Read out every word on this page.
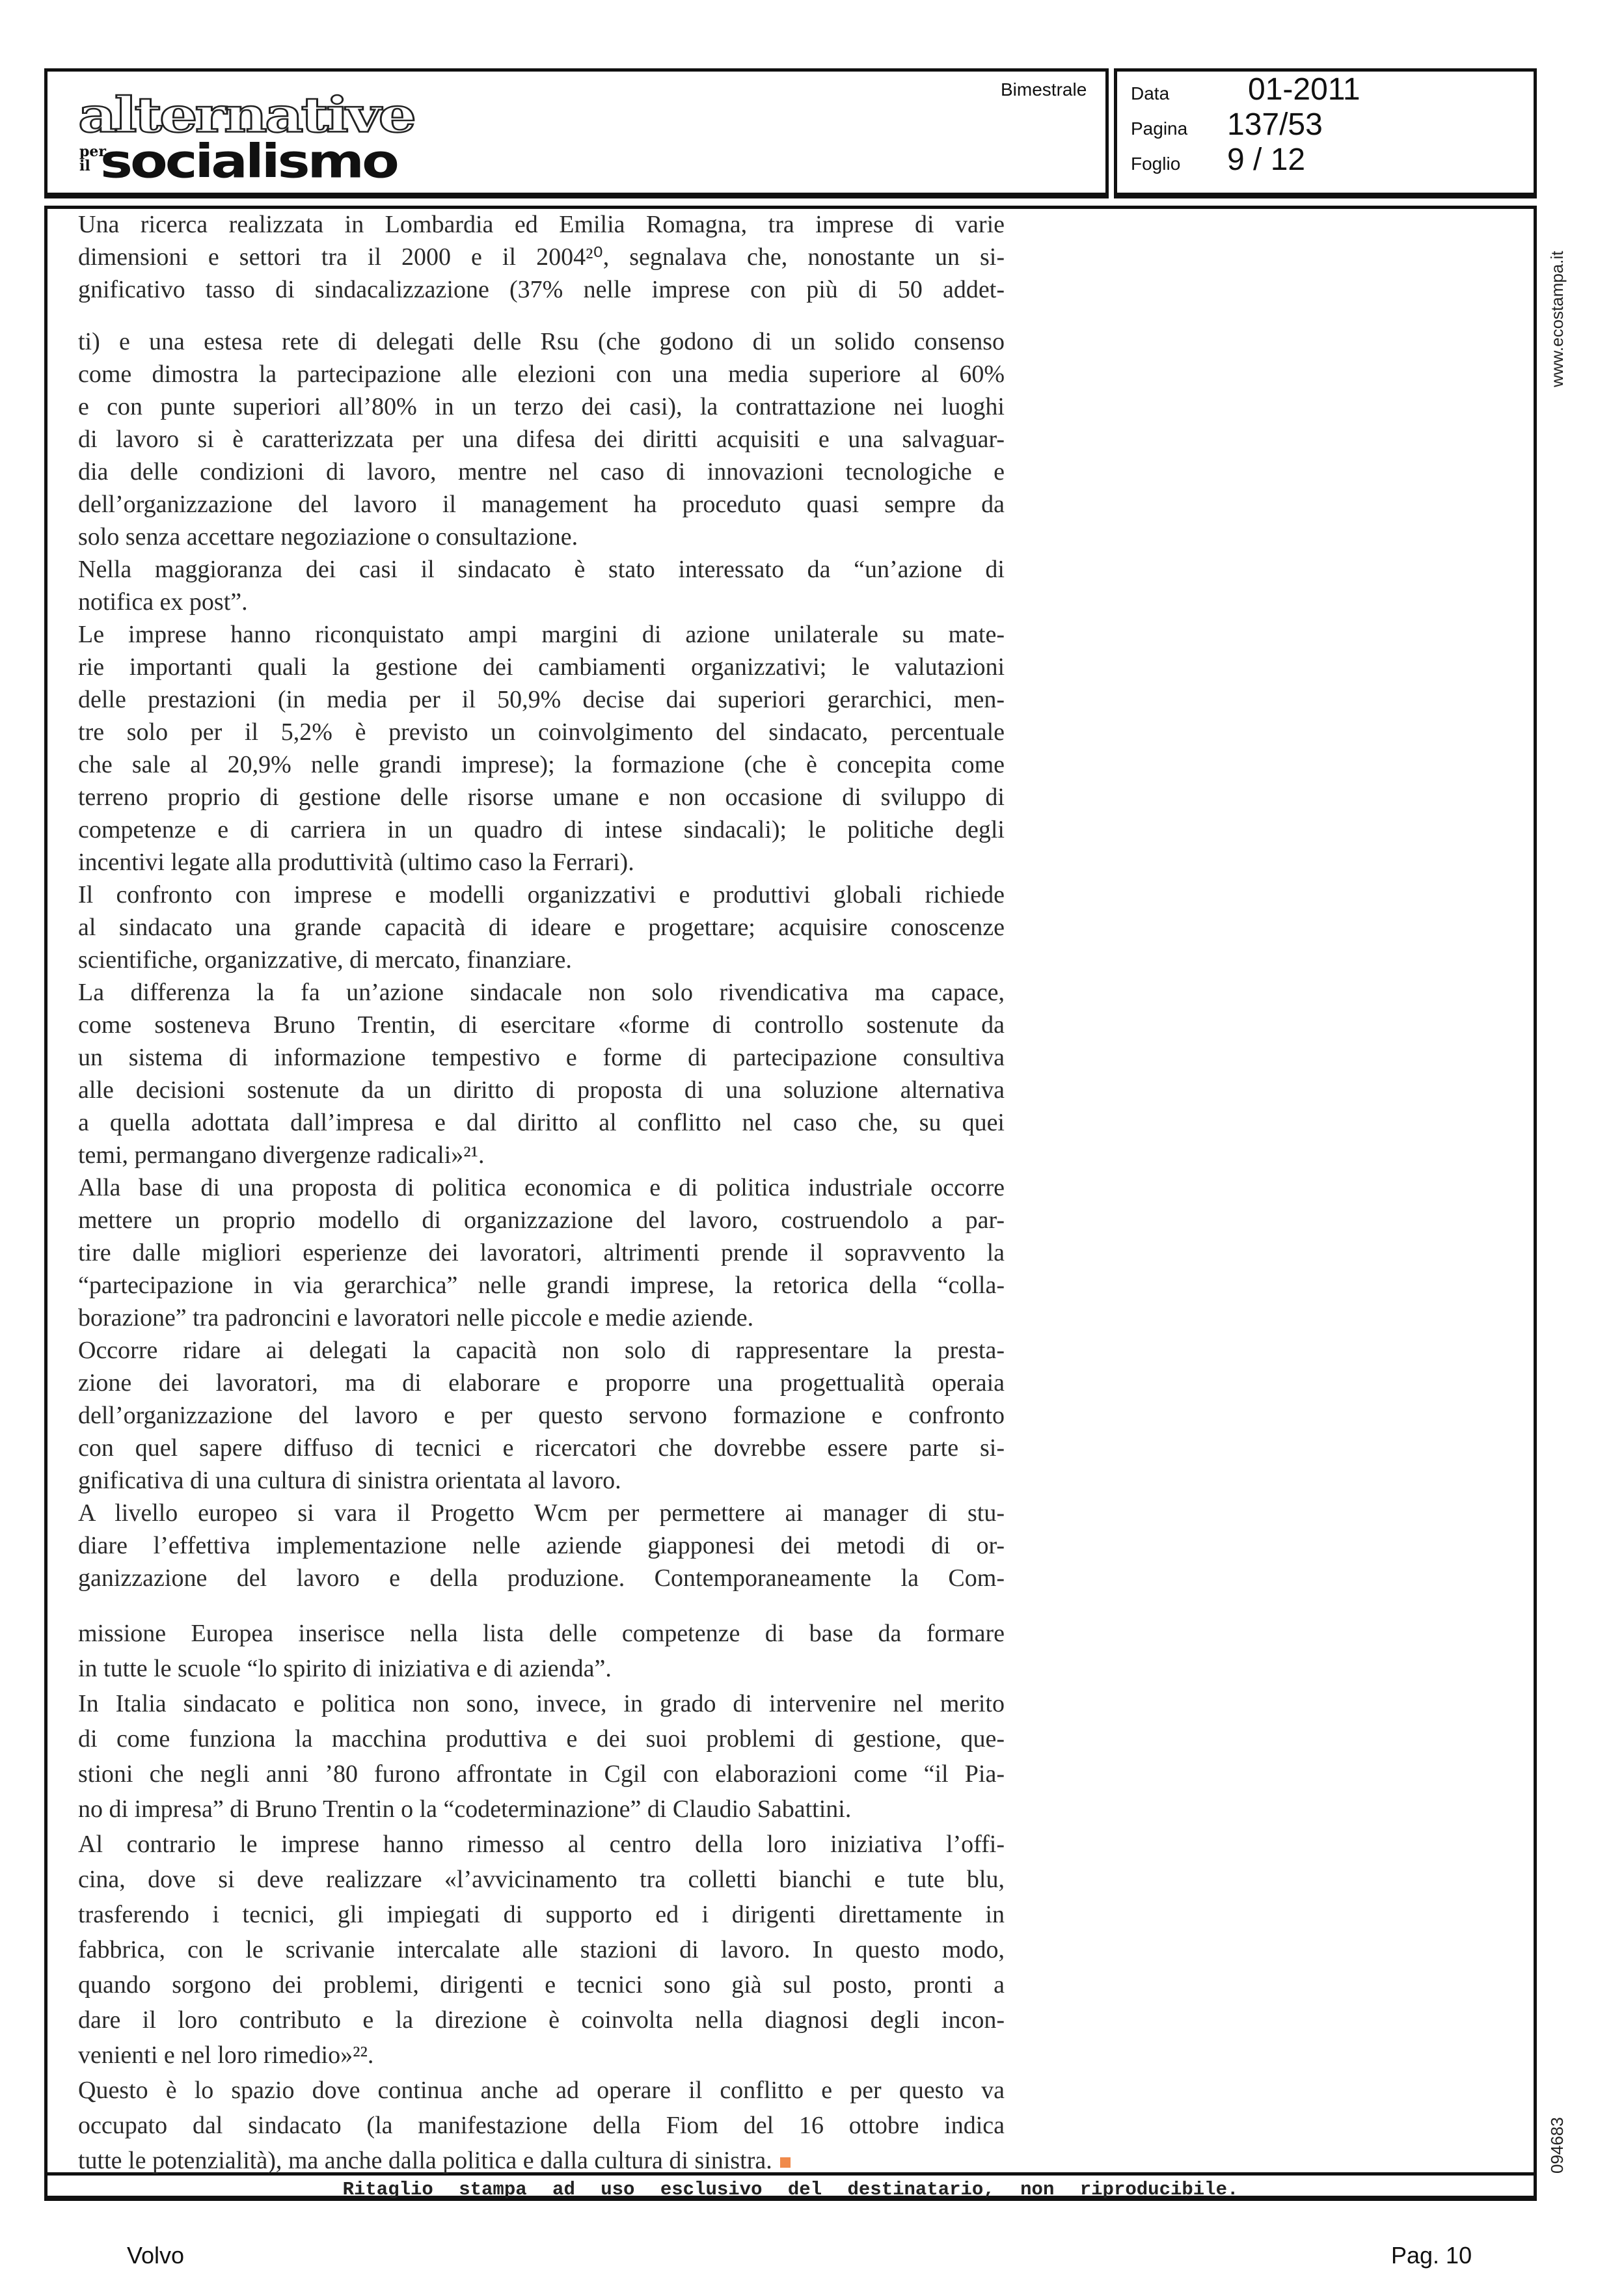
alternative
per
il socialismo
Bimestrale Data	01-2011
Pagina 137/53
Foglio 9 / 12
Una ricerca realizzata in Lombardia ed Emilia Romagna, tra imprese di varie
dimensioni e settori tra il 2000 e il 2004²⁰, segnalava che, nonostante un si-
gnificativo tasso di sindacalizzazione (37% nelle imprese con più di 50 addet-
ti) e una estesa rete di delegati delle Rsu (che godono di un solido consenso
come dimostra la partecipazione alle elezioni con una media superiore al 60%
e con punte superiori all’80% in un terzo dei casi), la contrattazione nei luoghi
di lavoro si è caratterizzata per una difesa dei diritti acquisiti e una salvaguar-
dia delle condizioni di lavoro, mentre nel caso di innovazioni tecnologiche e
dell’organizzazione del lavoro il management ha proceduto quasi sempre da
solo senza accettare negoziazione o consultazione.
Nella maggioranza dei casi il sindacato è stato interessato da “un’azione di
notifica ex post”.
Le imprese hanno riconquistato ampi margini di azione unilaterale su mate-
rie importanti quali la gestione dei cambiamenti organizzativi; le valutazioni
delle prestazioni (in media per il 50,9% decise dai superiori gerarchici, men-
tre solo per il 5,2% è previsto un coinvolgimento del sindacato, percentuale
che sale al 20,9% nelle grandi imprese); la formazione (che è concepita come
terreno proprio di gestione delle risorse umane e non occasione di sviluppo di
competenze e di carriera in un quadro di intese sindacali); le politiche degli
incentivi legate alla produttività (ultimo caso la Ferrari).
Il confronto con imprese e modelli organizzativi e produttivi globali richiede
al sindacato una grande capacità di ideare e progettare; acquisire conoscenze
scientifiche, organizzative, di mercato, finanziare.
La differenza la fa un’azione sindacale non solo rivendicativa ma capace,
come sosteneva Bruno Trentin, di esercitare «forme di controllo sostenute da
un sistema di informazione tempestivo e forme di partecipazione consultiva
alle decisioni sostenute da un diritto di proposta di una soluzione alternativa
a quella adottata dall’impresa e dal diritto al conflitto nel caso che, su quei
temi, permangano divergenze radicali»²¹.
Alla base di una proposta di politica economica e di politica industriale occorre
mettere un proprio modello di organizzazione del lavoro, costruendolo a par-
tire dalle migliori esperienze dei lavoratori, altrimenti prende il sopravvento la
“partecipazione in via gerarchica” nelle grandi imprese, la retorica della “colla-
borazione” tra padroncini e lavoratori nelle piccole e medie aziende.
Occorre ridare ai delegati la capacità non solo di rappresentare la presta-
zione dei lavoratori, ma di elaborare e proporre una progettualità operaia
dell’organizzazione del lavoro e per questo servono formazione e confronto
con quel sapere diffuso di tecnici e ricercatori che dovrebbe essere parte si-
gnificativa di una cultura di sinistra orientata al lavoro.
A livello europeo si vara il Progetto Wcm per permettere ai manager di stu-
diare l’effettiva implementazione nelle aziende giapponesi dei metodi di or-
ganizzazione del lavoro e della produzione. Contemporaneamente la Com-
missione Europea inserisce nella lista delle competenze di base da formare
in tutte le scuole “lo spirito di iniziativa e di azienda”.
In Italia sindacato e politica non sono, invece, in grado di intervenire nel merito
di come funziona la macchina produttiva e dei suoi problemi di gestione, que-
stioni che negli anni ’80 furono affrontate in Cgil con elaborazioni come “il Pia-
no di impresa” di Bruno Trentin o la “codeterminazione” di Claudio Sabattini.
Al contrario le imprese hanno rimesso al centro della loro iniziativa l’offi-
cina, dove si deve realizzare «l’avvicinamento tra colletti bianchi e tute blu,
trasferendo i tecnici, gli impiegati di supporto ed i dirigenti direttamente in
fabbrica, con le scrivanie intercalate alle stazioni di lavoro. In questo modo,
quando sorgono dei problemi, dirigenti e tecnici sono già sul posto, pronti a
dare il loro contributo e la direzione è coinvolta nella diagnosi degli incon-
venienti e nel loro rimedio»²².
Questo è lo spazio dove continua anche ad operare il conflitto e per questo va
occupato dal sindacato (la manifestazione della Fiom del 16 ottobre indica
tutte le potenzialità), ma anche dalla politica e dalla cultura di sinistra.
www.ecostampa.it
094683
Ritaglio stampa ad uso esclusivo del destinatario, non riproducibile.
Volvo	Pag. 10
